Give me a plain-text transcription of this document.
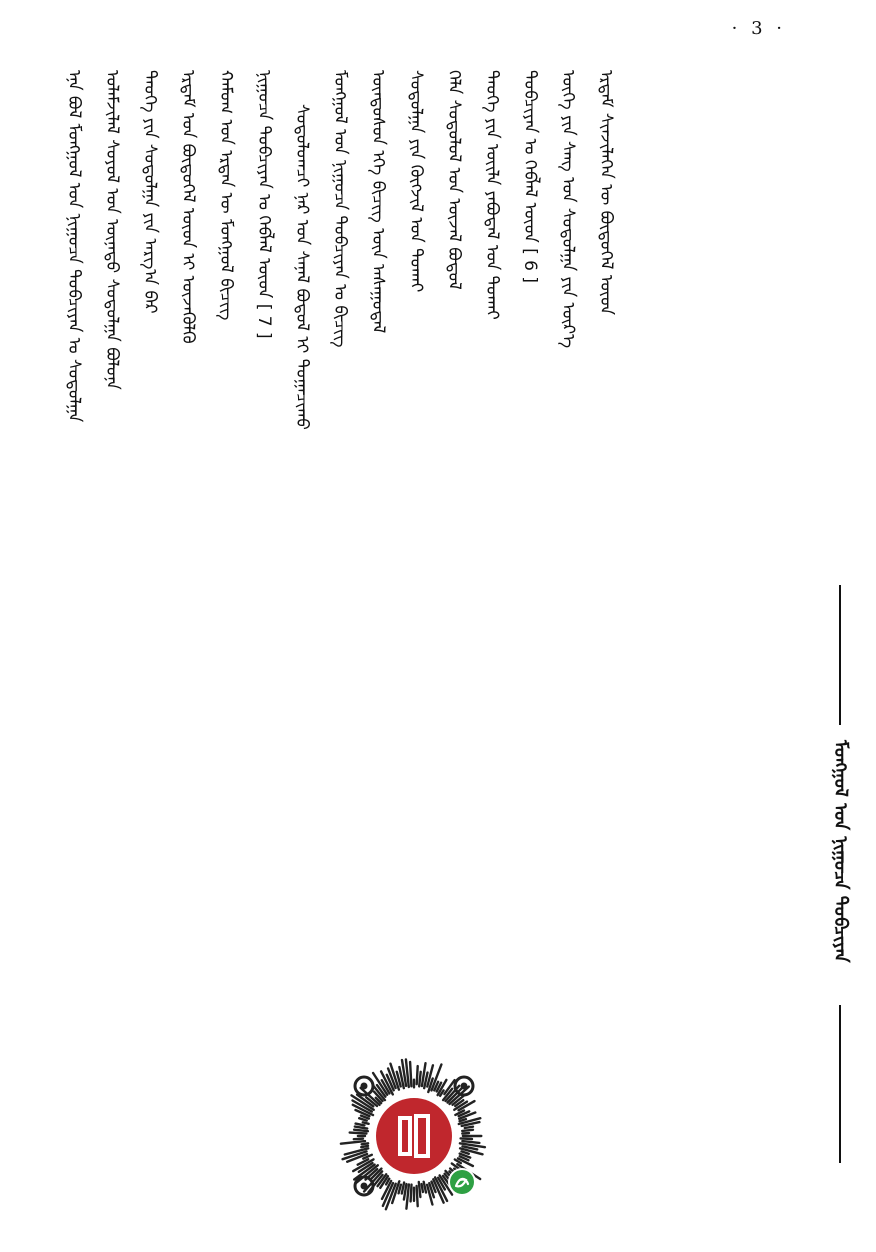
· 3 ·
ᠮᠣᠩᠭᠣᠯ ᠤᠨ ᠨᠢᠭᠤᠴᠠ ᠲᠣᠪᠴᠢᠶᠠᠨ
ᠡᠨᠡ ᠪᠣᠯ ᠮᠣᠩᠭᠣᠯ ᠤᠨ ᠨᠢᠭᠤᠴᠠ ᠲᠣᠪᠴᠢᠶᠠᠨ ᠤ ᠰᠤᠳᠤᠯᠭᠠ ᠤᠯᠠᠮᠵᠢᠯᠠᠯ ᠰᠣᠶᠣᠯ ᠤᠨ ᠦᠨᠡᠲᠦ ᠰᠤᠳᠤᠯᠭᠠ ᠪᠣᠯᠤᠨᠠ ᠲᠡᠦᠬᠡ ᠶᠢᠨ ᠰᠤᠳᠤᠯᠭᠠ ᠶᠢᠨ ᠠᠷᠭ᠎ᠠ ᠪᠠᠷ ᠡᠷᠳᠡᠮ ᠤᠨ ᠪᠦᠲᠦᠭᠡᠯ ᠦᠳ ᠢ ᠦᠵᠡᠭᠦᠯᠬᠦ ᠬᠠᠮᠤᠭ ᠤᠨ ᠡᠷᠲᠡᠨ ᠦ ᠮᠣᠩᠭᠣᠯ ᠪᠢᠴᠢᠭ ᠨᠢᠭᠤᠴᠠ ᠲᠣᠪᠴᠢᠶᠠᠨ ᠤ ᠬᠡᠪᠯᠡᠯ ᠦᠳ [ 7 ] ᠰᠤᠳᠤᠯᠤᠭᠴᠢ ᠨᠠᠷ ᠤᠨ ᠰᠠᠨᠠᠯ ᠪᠣᠳᠤᠯ ᠢ ᠲᠣᠭᠠᠴᠢᠬᠤ ᠮᠣᠩᠭᠣᠯ ᠤᠨ ᠨᠢᠭᠤᠴᠠ ᠲᠣᠪᠴᠢᠶᠠᠨ ᠤ ᠪᠢᠴᠢᠭ ᠦᠨᠳᠦᠰᠦᠨ ᠡᠬᠡ ᠪᠢᠴᠢᠭ ᠦᠨ ᠠᠰᠠᠭᠤᠳᠠᠯ ᠰᠤᠳᠤᠯᠭᠠ ᠶᠢᠨ ᠬᠥᠭᠵᠢᠯ ᠤᠨ ᠲᠤᠬᠠᠢ ᠬᠡᠯᠡ ᠰᠤᠳᠤᠯᠤᠯ ᠤᠨ ᠦᠵᠡᠯ ᠪᠣᠳᠤᠯ ᠲᠡᠦᠬᠡ ᠶᠢᠨ ᠦᠢᠯᠡ ᠶᠠᠪᠤᠳᠠᠯ ᠤᠨ ᠲᠤᠬᠠᠢ ᠲᠣᠪᠴᠢᠶᠠᠨ ᠤ ᠬᠡᠪᠯᠡᠯ ᠦᠳ [ 6 ] ᠦᠭᠡ ᠶᠢᠨ ᠰᠠᠩ ᠤᠨ ᠰᠤᠳᠤᠯᠭᠠ ᠶᠢᠨ ᠦᠷ᠎ᠡ ᠡᠷᠳᠡᠮ ᠰᠢᠨᠵᠢᠯᠡᠭᠡᠨ ᠦ ᠪᠦᠲᠦᠭᠡᠯ ᠦᠳ
